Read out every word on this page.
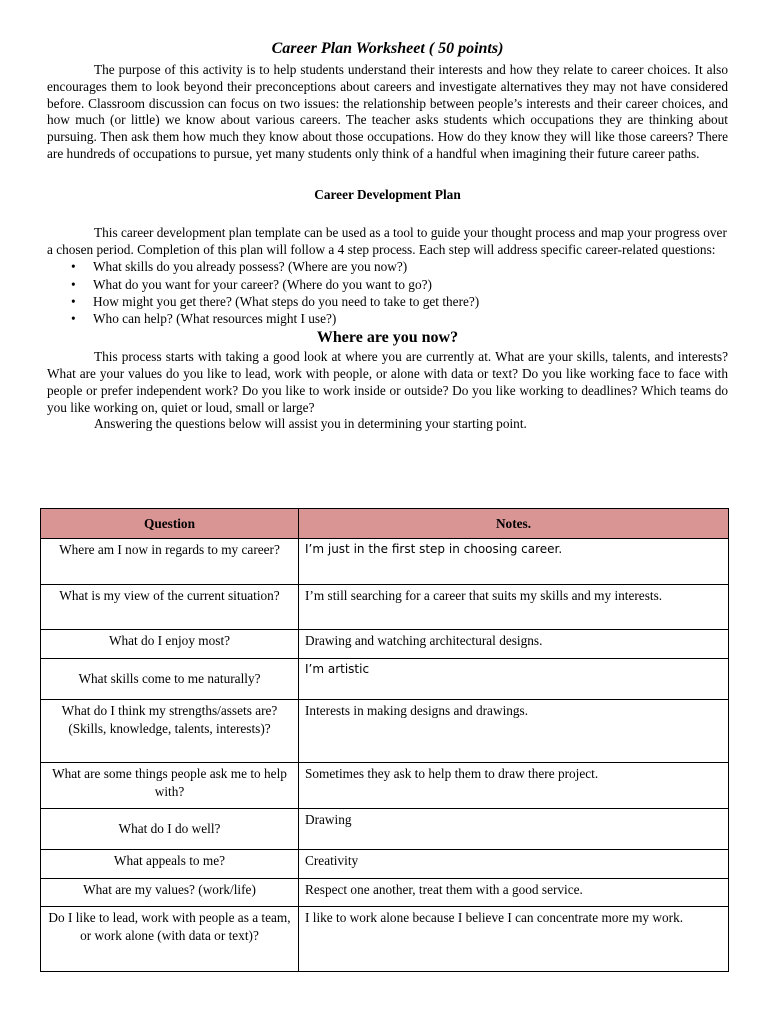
Career Plan Worksheet ( 50 points)

The purpose of this activity is to help students understand their interests and how they relate to career choices. It also encourages them to look beyond their preconceptions about careers and investigate alternatives they may not have considered before. Classroom discussion can focus on two issues: the relationship between people’s interests and their career choices, and how much (or little) we know about various careers. The teacher asks students which occupations they are thinking about pursuing. Then ask them how much they know about those occupations. How do they know they will like those careers? There are hundreds of occupations to pursue, yet many students only think of a handful when imagining their future career paths.

Career Development Plan

This career development plan template can be used as a tool to guide your thought process and map your progress over a chosen period. Completion of this plan will follow a 4 step process. Each step will address specific career-related questions:

• What skills do you already possess? (Where are you now?)
• What do you want for your career? (Where do you want to go?)
• How might you get there? (What steps do you need to take to get there?)
• Who can help? (What resources might I use?)
Where are you now?

This process starts with taking a good look at where you are currently at. What are your skills, talents, and interests? What are your values do you like to lead, work with people, or alone with data or text? Do you like working face to face with people or prefer independent work? Do you like to work inside or outside? Do you like working to deadlines? Which teams do you like working on, quiet or loud, small or large?

Answering the questions below will assist you in determining your starting point.

Question	Notes.
Where am I now in regards to my career?	I’m just in the first step in choosing career.
What is my view of the current situation?	I’m still searching for a career that suits my skills and my interests.
What do I enjoy most?	Drawing and watching architectural designs.
What skills come to me naturally?	I’m artistic
What do I think my strengths/assets are? (Skills, knowledge, talents, interests)?	Interests in making designs and drawings.
What are some things people ask me to help with?	Sometimes they ask to help them to draw there project.
What do I do well?	Drawing
What appeals to me?	Creativity
What are my values? (work/life)	Respect one another, treat them with a good service.
Do I like to lead, work with people as a team, or work alone (with data or text)?	I like to work alone because I believe I can concentrate more my work.
